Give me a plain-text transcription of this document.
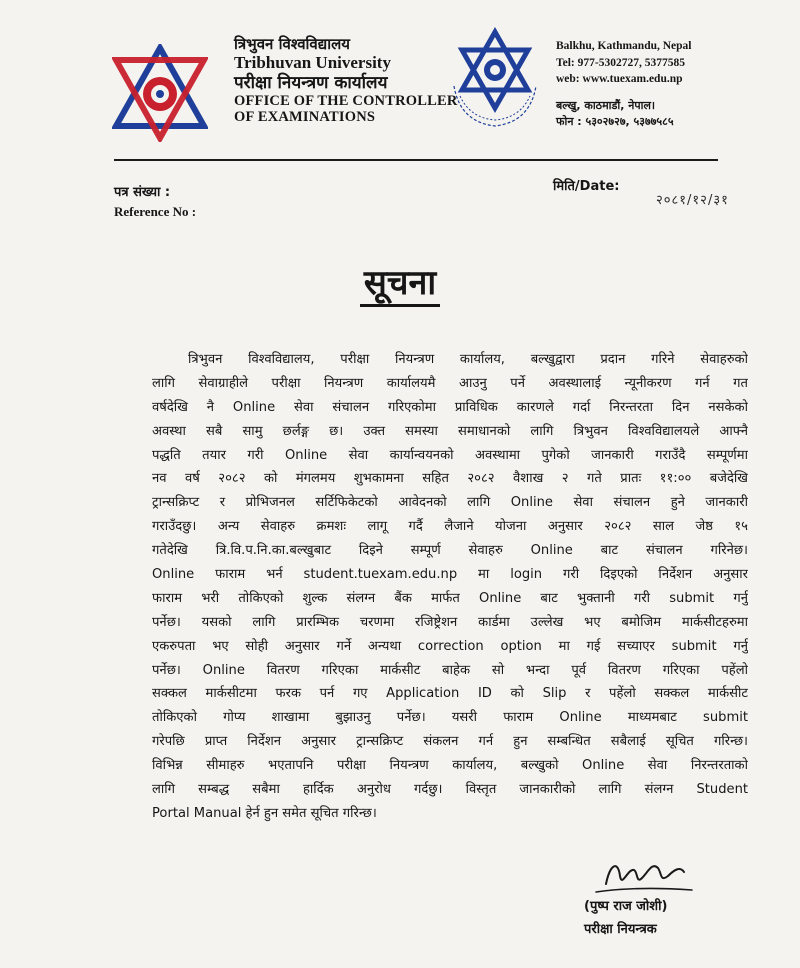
त्रिभुवन विश्वविद्यालय
Tribhuvan University
परीक्षा नियन्त्रण कार्यालय
OFFICE OF THE CONTROLLER
OF EXAMINATIONS
Balkhu, Kathmandu, Nepal
Tel: 977-5302727, 5377585
web: www.tuexam.edu.np
बल्खु, काठमाडौं, नेपाल।
फोन : ५३०२७२७, ५३७७५८५
पत्र संख्या :
Reference No :
मिति/Date:
२०८१/१२/३१
सूचना
त्रिभुवन विश्वविद्यालय, परीक्षा नियन्त्रण कार्यालय, बल्खुद्वारा प्रदान गरिने सेवाहरुको
लागि सेवाग्राहीले परीक्षा नियन्त्रण कार्यालयमै आउनु पर्ने अवस्थालाई न्यूनीकरण गर्न गत
वर्षदेखि नै Online सेवा संचालन गरिएकोमा प्राविधिक कारणले गर्दा निरन्तरता दिन नसकेको
अवस्था सबै सामु छर्लङ्ग छ। उक्त समस्या समाधानको लागि त्रिभुवन विश्वविद्यालयले आफ्नै
पद्धति तयार गरी Online सेवा कार्यान्वयनको अवस्थामा पुगेको जानकारी गराउँदै सम्पूर्णमा
नव वर्ष २०८२ को मंगलमय शुभकामना सहित २०८२ वैशाख २ गते प्रातः ११:०० बजेदेखि
ट्रान्सक्रिप्ट र प्रोभिजनल सर्टिफिकेटको आवेदनको लागि Online सेवा संचालन हुने जानकारी
गराउँदछु। अन्य सेवाहरु क्रमशः लागू गर्दै लैजाने योजना अनुसार २०८२ साल जेष्ठ १५
गतेदेखि त्रि.वि.प.नि.का.बल्खुबाट दिइने सम्पूर्ण सेवाहरु Online बाट संचालन गरिनेछ।
Online फाराम भर्न student.tuexam.edu.np मा login गरी दिइएको निर्देशन अनुसार
फाराम भरी तोकिएको शुल्क संलग्न बैंक मार्फत Online बाट भुक्तानी गरी submit गर्नु
पर्नेछ। यसको लागि प्रारम्भिक चरणमा रजिष्ट्रेशन कार्डमा उल्लेख भए बमोजिम मार्कसीटहरुमा
एकरुपता भए सोही अनुसार गर्ने अन्यथा correction option मा गई सच्याएर submit गर्नु
पर्नेछ। Online वितरण गरिएका मार्कसीट बाहेक सो भन्दा पूर्व वितरण गरिएका पहेंलो
सक्कल मार्कसीटमा फरक पर्न गए Application ID को Slip र पहेंलो सक्कल मार्कसीट
तोकिएको गोप्य शाखामा बुझाउनु पर्नेछ। यसरी फाराम Online माध्यमबाट submit
गरेपछि प्राप्त निर्देशन अनुसार ट्रान्सक्रिप्ट संकलन गर्न हुन सम्बन्धित सबैलाई सूचित गरिन्छ।
विभिन्न सीमाहरु भएतापनि परीक्षा नियन्त्रण कार्यालय, बल्खुको Online सेवा निरन्तरताको
लागि सम्बद्ध सबैमा हार्दिक अनुरोध गर्दछु। विस्तृत जानकारीको लागि संलग्न Student
Portal Manual हेर्न हुन समेत सूचित गरिन्छ।
(पुष्प राज जोशी)
परीक्षा नियन्त्रक
